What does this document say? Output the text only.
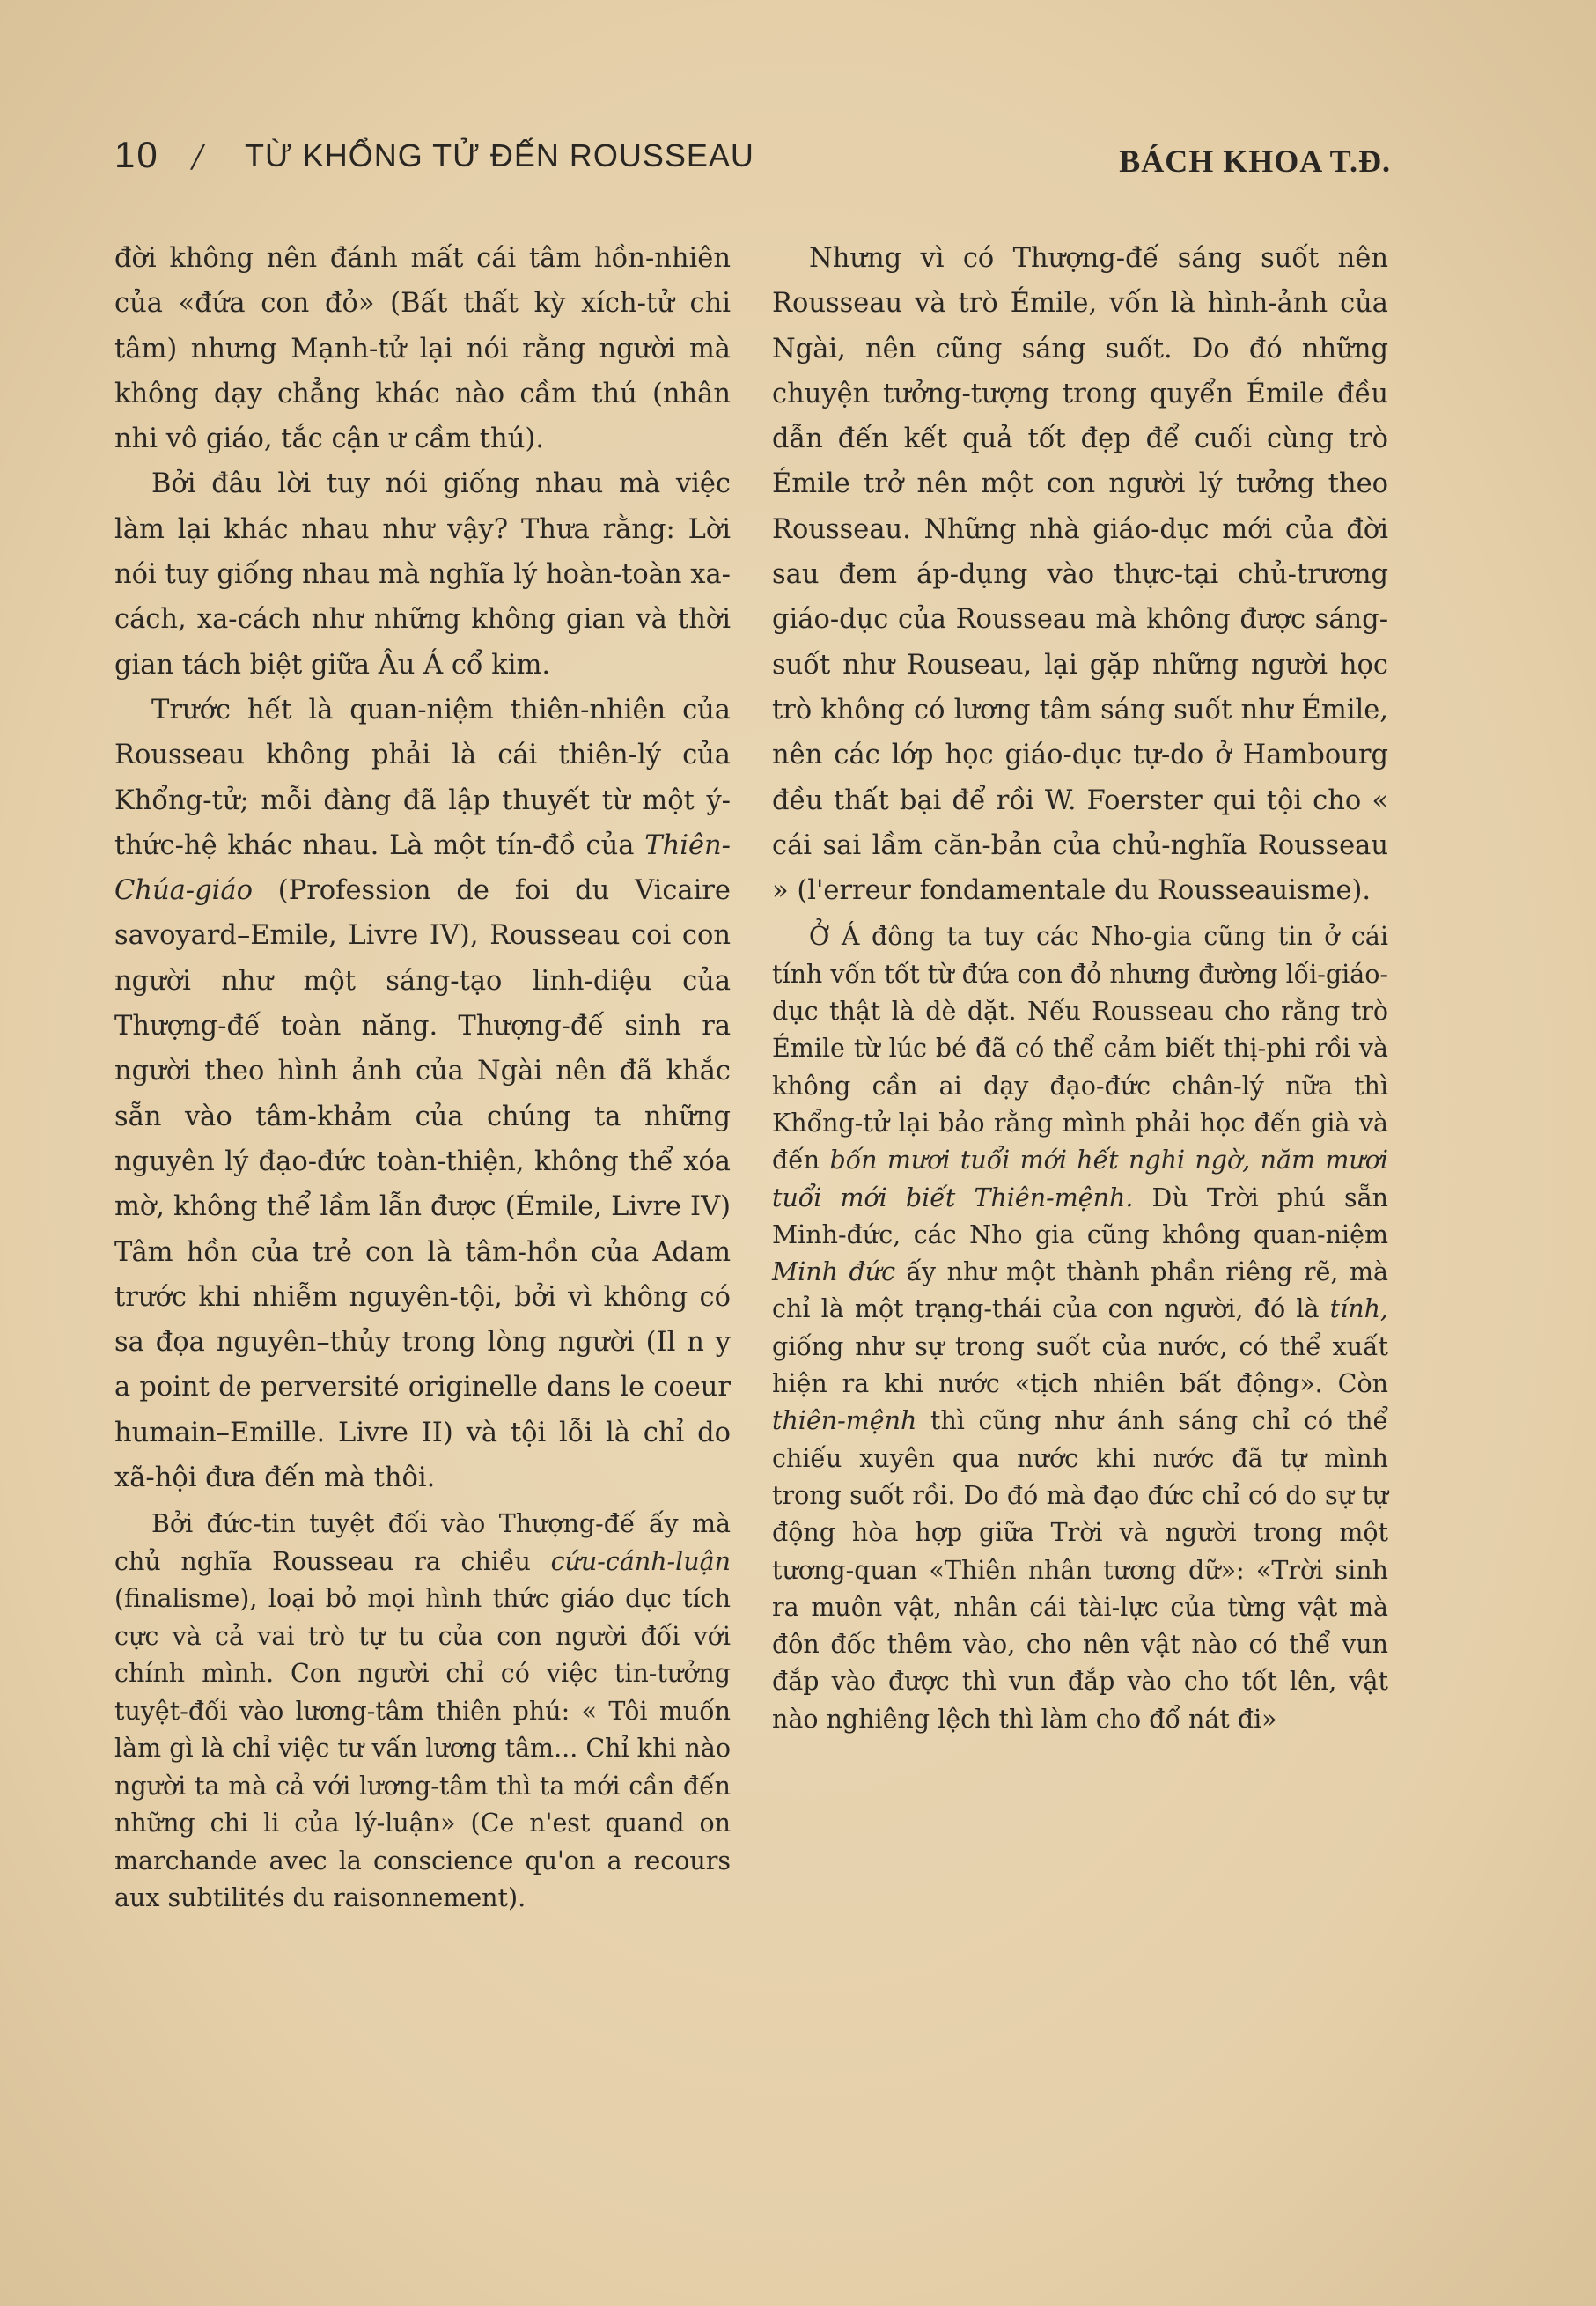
10 / TỪ KHỔNG TỬ ĐẾN ROUSSEAU	BÁCH KHOA T.Đ.

đời không nên đánh mất cái tâm hồn-nhiên của «đứa con đỏ» (Bất thất kỳ xích-tử chi tâm) nhưng Mạnh-tử lại nói rằng người mà không dạy chẳng khác nào cầm thú (nhân nhi vô giáo, tắc cận ư cầm thú).

Bởi đâu lời tuy nói giống nhau mà việc làm lại khác nhau như vậy? Thưa rằng: Lời nói tuy giống nhau mà nghĩa lý hoàn-toàn xa-cách, xa-cách như những không gian và thời gian tách biệt giữa Âu Á cổ kim.

Trước hết là quan-niệm thiên-nhiên của Rousseau không phải là cái thiên-lý của Khổng-tử; mỗi đàng đã lập thuyết từ một ý-thức-hệ khác nhau. Là một tín-đồ của Thiên-Chúa-giáo (Profession de foi du Vicaire savoyard–Emile, Livre IV), Rousseau coi con người như một sáng-tạo linh-diệu của Thượng-đế toàn năng. Thượng-đế sinh ra người theo hình ảnh của Ngài nên đã khắc sẵn vào tâm-khảm của chúng ta những nguyên lý đạo-đức toàn-thiện, không thể xóa mờ, không thể lầm lẫn được (Émile, Livre IV) Tâm hồn của trẻ con là tâm-hồn của Adam trước khi nhiễm nguyên-tội, bởi vì không có sa đọa nguyên–thủy trong lòng người (Il n y a point de perversité originelle dans le coeur humain–Emille. Livre II) và tội lỗi là chỉ do xã-hội đưa đến mà thôi.

Bởi đức-tin tuyệt đối vào Thượng-đế ấy mà chủ nghĩa Rousseau ra chiều cứu-cánh-luận (finalisme), loại bỏ mọi hình thức giáo dục tích cực và cả vai trò tự tu của con người đối với chính mình. Con người chỉ có việc tin-tưởng tuyệt-đối vào lương-tâm thiên phú: « Tôi muốn làm gì là chỉ việc tư vấn lương tâm... Chỉ khi nào người ta mà cả với lương-tâm thì ta mới cần đến những chi li của lý-luận» (Ce n'est quand on marchande avec la conscience qu'on a recours aux subtilités du raisonnement).

Nhưng vì có Thượng-đế sáng suốt nên Rousseau và trò Émile, vốn là hình-ảnh của Ngài, nên cũng sáng suốt. Do đó những chuyện tưởng-tượng trong quyển Émile đều dẫn đến kết quả tốt đẹp để cuối cùng trò Émile trở nên một con người lý tưởng theo Rousseau. Những nhà giáo-dục mới của đời sau đem áp-dụng vào thực-tại chủ-trương giáo-dục của Rousseau mà không được sáng-suốt như Rouseau, lại gặp những người học trò không có lương tâm sáng suốt như Émile, nên các lớp học giáo-dục tự-do ở Hambourg đều thất bại để rồi W. Foerster qui tội cho « cái sai lầm căn-bản của chủ-nghĩa Rousseau » (l'erreur fondamentale du Rousseauisme).

Ở Á đông ta tuy các Nho-gia cũng tin ở cái tính vốn tốt từ đứa con đỏ nhưng đường lối-giáo-dục thật là dè dặt. Nếu Rousseau cho rằng trò Émile từ lúc bé đã có thể cảm biết thị-phi rồi và không cần ai dạy đạo-đức chân-lý nữa thì Khổng-tử lại bảo rằng mình phải học đến già và đến bốn mươi tuổi mới hết nghi ngờ, năm mươi tuổi mới biết Thiên-mệnh. Dù Trời phú sẵn Minh-đức, các Nho gia cũng không quan-niệm Minh đức ấy như một thành phần riêng rẽ, mà chỉ là một trạng-thái của con người, đó là tính, giống như sự trong suốt của nước, có thể xuất hiện ra khi nước «tịch nhiên bất động». Còn thiên-mệnh thì cũng như ánh sáng chỉ có thể chiếu xuyên qua nước khi nước đã tự mình trong suốt rồi. Do đó mà đạo đức chỉ có do sự tự động hòa hợp giữa Trời và người trong một tương-quan «Thiên nhân tương dữ»: «Trời sinh ra muôn vật, nhân cái tài-lực của từng vật mà đôn đốc thêm vào, cho nên vật nào có thể vun đắp vào được thì vun đắp vào cho tốt lên, vật nào nghiêng lệch thì làm cho đổ nát đi»
